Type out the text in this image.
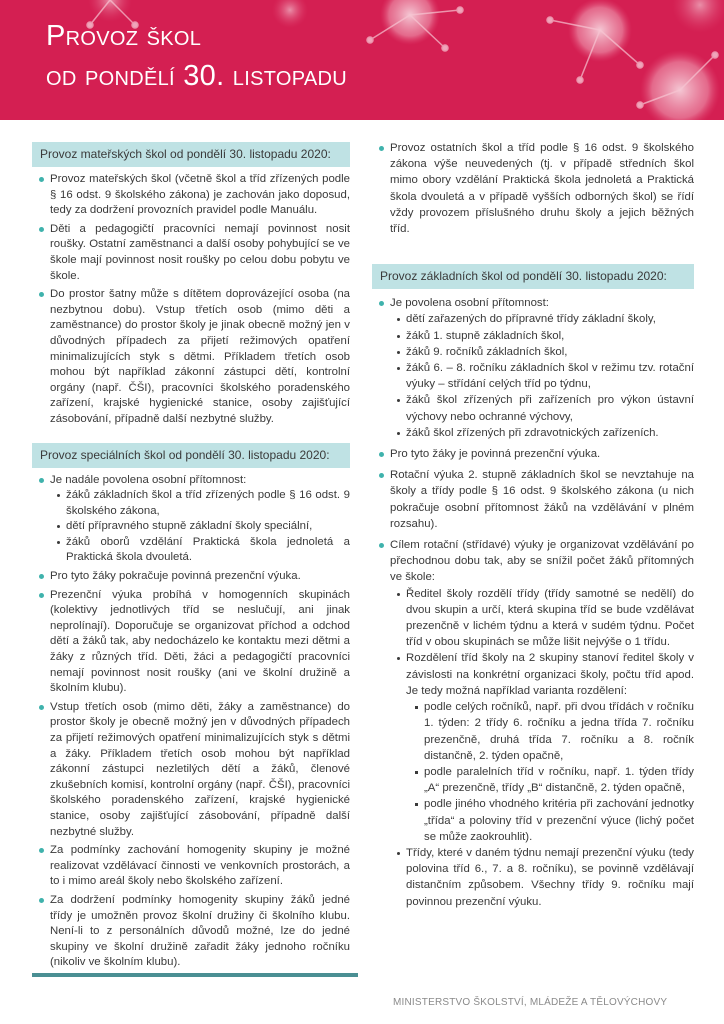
Provoz škol
od pondělí 30. listopadu
Provoz mateřských škol od pondělí 30. listopadu 2020:
Provoz mateřských škol (včetně škol a tříd zřízených podle § 16 odst. 9 školského zákona) je zachován jako doposud, tedy za dodržení provozních pravidel podle Manuálu.
Děti a pedagogičtí pracovníci nemají povinnost nosit roušky. Ostatní zaměstnanci a další osoby pohybující se ve škole mají povinnost nosit roušky po celou dobu pobytu ve škole.
Do prostor šatny může s dítětem doprovázející osoba (na nezbytnou dobu). Vstup třetích osob (mimo děti a zaměstnance) do prostor školy je jinak obecně možný jen v důvodných případech za přijetí režimových opatření minimalizujících styk s dětmi. Příkladem třetích osob mohou být například zákonní zástupci dětí, kontrolní orgány (např. ČŠI), pracovníci školského poradenského zařízení, krajské hygienické stanice, osoby zajišťující zásobování, případně další nezbytné služby.
Provoz speciálních škol od pondělí 30. listopadu 2020:
Je nadále povolena osobní přítomnost:
žáků základních škol a tříd zřízených podle § 16 odst. 9 školského zákona,
dětí přípravného stupně základní školy speciální,
žáků oborů vzdělání Praktická škola jednoletá a Praktická škola dvouletá.
Pro tyto žáky pokračuje povinná prezenční výuka.
Prezenční výuka probíhá v homogenních skupinách (kolektivy jednotlivých tříd se neslučují, ani jinak neprolínají). Doporučuje se organizovat příchod a odchod dětí a žáků tak, aby nedocházelo ke kontaktu mezi dětmi a žáky z různých tříd. Děti, žáci a pedagogičtí pracovníci nemají povinnost nosit roušky (ani ve školní družině a školním klubu).
Vstup třetích osob (mimo děti, žáky a zaměstnance) do prostor školy je obecně možný jen v důvodných případech za přijetí režimových opatření minimalizujících styk s dětmi a žáky. Příkladem třetích osob mohou být například zákonní zástupci nezletilých dětí a žáků, členové zkušebních komisí, kontrolní orgány (např. ČŠI), pracovníci školského poradenského zařízení, krajské hygienické stanice, osoby zajišťující zásobování, případně další nezbytné služby.
Za podmínky zachování homogenity skupiny je možné realizovat vzdělávací činnosti ve venkovních prostorách, a to i mimo areál školy nebo školského zařízení.
Za dodržení podmínky homogenity skupiny žáků jedné třídy je umožněn provoz školní družiny či školního klubu. Není-li to z personálních důvodů možné, lze do jedné skupiny ve školní družině zařadit žáky jednoho ročníku (nikoliv ve školním klubu).
Provoz ostatních škol a tříd podle § 16 odst. 9 školského zákona výše neuvedených (tj. v případě středních škol mimo obory vzdělání Praktická škola jednoletá a Praktická škola dvouletá a v případě vyšších odborných škol) se řídí vždy provozem příslušného druhu školy a jejich běžných tříd.
Provoz základních škol od pondělí 30. listopadu 2020:
Je povolena osobní přítomnost:
dětí zařazených do přípravné třídy základní školy,
žáků 1. stupně základních škol,
žáků 9. ročníků základních škol,
žáků 6. – 8. ročníku základních škol v režimu tzv. rotační výuky – střídání celých tříd po týdnu,
žáků škol zřízených při zařízeních pro výkon ústavní výchovy nebo ochranné výchovy,
žáků škol zřízených při zdravotnických zařízeních.
Pro tyto žáky je povinná prezenční výuka.
Rotační výuka 2. stupně základních škol se nevztahuje na školy a třídy podle § 16 odst. 9 školského zákona (u nich pokračuje osobní přítomnost žáků na vzdělávání v plném rozsahu).
Cílem rotační (střídavé) výuky je organizovat vzdělávání po přechodnou dobu tak, aby se snížil počet žáků přítomných ve škole:
Ředitel školy rozdělí třídy (třídy samotné se nedělí) do dvou skupin a určí, která skupina tříd se bude vzdělávat prezenčně v lichém týdnu a která v sudém týdnu. Počet tříd v obou skupinách se může lišit nejvýše o 1 třídu.
Rozdělení tříd školy na 2 skupiny stanoví ředitel školy v závislosti na konkrétní organizaci školy, počtu tříd apod. Je tedy možná například varianta rozdělení:
podle celých ročníků, např. při dvou třídách v ročníku 1. týden: 2 třídy 6. ročníku a jedna třída 7. ročníku prezenčně, druhá třída 7. ročníku a 8. ročník distančně, 2. týden opačně,
podle paralelních tříd v ročníku, např. 1. týden třídy „A“ prezenčně, třídy „B“ distančně, 2. týden opačně,
podle jiného vhodného kritéria při zachování jednotky „třída“ a poloviny tříd v prezenční výuce (lichý počet se může zaokrouhlit).
Třídy, které v daném týdnu nemají prezenční výuku (tedy polovina tříd 6., 7. a 8. ročníku), se povinně vzdělávají distančním způsobem. Všechny třídy 9. ročníku mají povinnou prezenční výuku.
MINISTERSTVO ŠKOLSTVÍ, MLÁDEŽE A TĚLOVÝCHOVY
